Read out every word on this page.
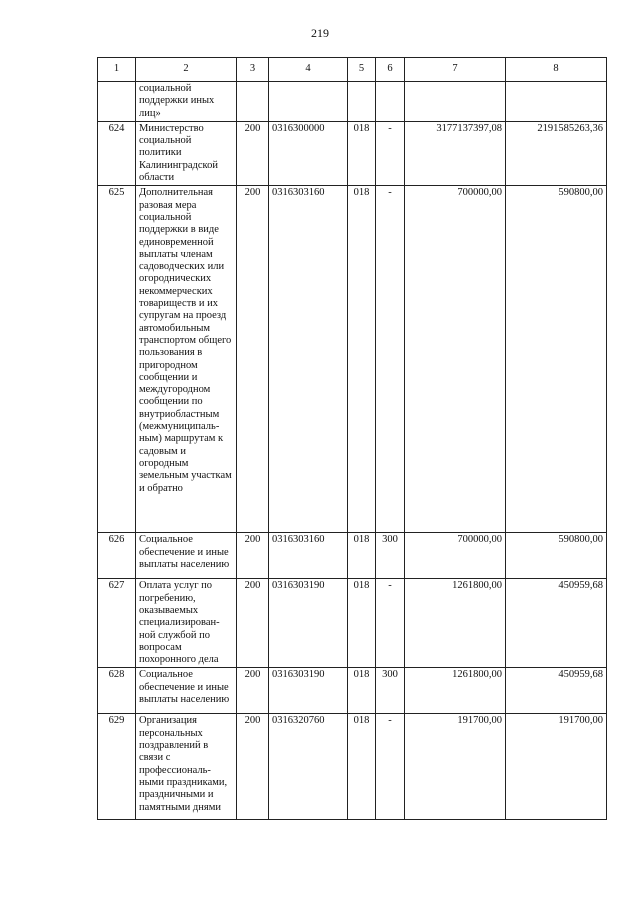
219
1	2	3	4	5	6	7	8
	социальной поддержки иных лиц»						
624	Министерство социальной политики Калининградской области	200	0316300000	018	-	3177137397,08	2191585263,36
625	Дополнительная разовая мера социальной поддержки в виде единовременной выплаты членам садоводческих или огороднических некоммерческих товариществ и их супругам на проезд автомобильным транспортом общего пользования в пригородном сообщении и междугородном сообщении по внутриобластным (межмуниципаль-ным) маршрутам к садовым и огородным земельным участкам и обратно	200	0316303160	018	-	700000,00	590800,00
626	Социальное обеспечение и иные выплаты населению	200	0316303160	018	300	700000,00	590800,00
627	Оплата услуг по погребению, оказываемых специализирован-ной службой по вопросам похоронного дела	200	0316303190	018	-	1261800,00	450959,68
628	Социальное обеспечение и иные выплаты населению	200	0316303190	018	300	1261800,00	450959,68
629	Организация персональных поздравлений в связи с профессиональ-ными праздниками, праздничными и памятными днями	200	0316320760	018	-	191700,00	191700,00
